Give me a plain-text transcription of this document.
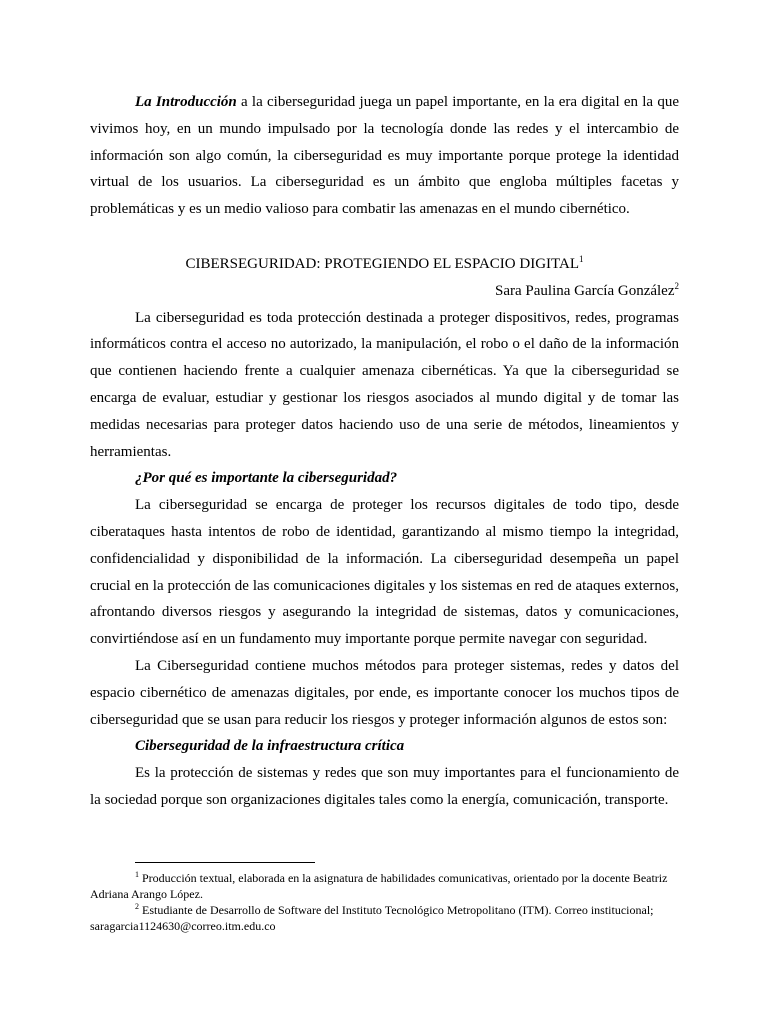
La Introducción a la ciberseguridad juega un papel importante, en la era digital en la que vivimos hoy, en un mundo impulsado por la tecnología donde las redes y el intercambio de información son algo común, la ciberseguridad es muy importante porque protege la identidad virtual de los usuarios. La ciberseguridad es un ámbito que engloba múltiples facetas y problemáticas y es un medio valioso para combatir las amenazas en el mundo cibernético.

CIBERSEGURIDAD: PROTEGIENDO EL ESPACIO DIGITAL$^1$

Sara Paulina García González$^2$

La ciberseguridad es toda protección destinada a proteger dispositivos, redes, programas informáticos contra el acceso no autorizado, la manipulación, el robo o el daño de la información que contienen haciendo frente a cualquier amenaza cibernéticas. Ya que la ciberseguridad se encarga de evaluar, estudiar y gestionar los riesgos asociados al mundo digital y de tomar las medidas necesarias para proteger datos haciendo uso de una serie de métodos, lineamientos y herramientas.

¿Por qué es importante la ciberseguridad?

La ciberseguridad se encarga de proteger los recursos digitales de todo tipo, desde ciberataques hasta intentos de robo de identidad, garantizando al mismo tiempo la integridad, confidencialidad y disponibilidad de la información. La ciberseguridad desempeña un papel crucial en la protección de las comunicaciones digitales y los sistemas en red de ataques externos, afrontando diversos riesgos y asegurando la integridad de sistemas, datos y comunicaciones, convirtiéndose así en un fundamento muy importante porque permite navegar con seguridad.

La Ciberseguridad contiene muchos métodos para proteger sistemas, redes y datos del espacio cibernético de amenazas digitales, por ende, es importante conocer los muchos tipos de ciberseguridad que se usan para reducir los riesgos y proteger información algunos de estos son:

Ciberseguridad de la infraestructura crítica

Es la protección de sistemas y redes que son muy importantes para el funcionamiento de la sociedad porque son organizaciones digitales tales como la energía, comunicación, transporte.

$^1$ Producción textual, elaborada en la asignatura de habilidades comunicativas, orientado por la docente Beatriz Adriana Arango López.

$^2$ Estudiante de Desarrollo de Software del Instituto Tecnológico Metropolitano (ITM). Correo institucional; saragarcia1124630@correo.itm.edu.co
